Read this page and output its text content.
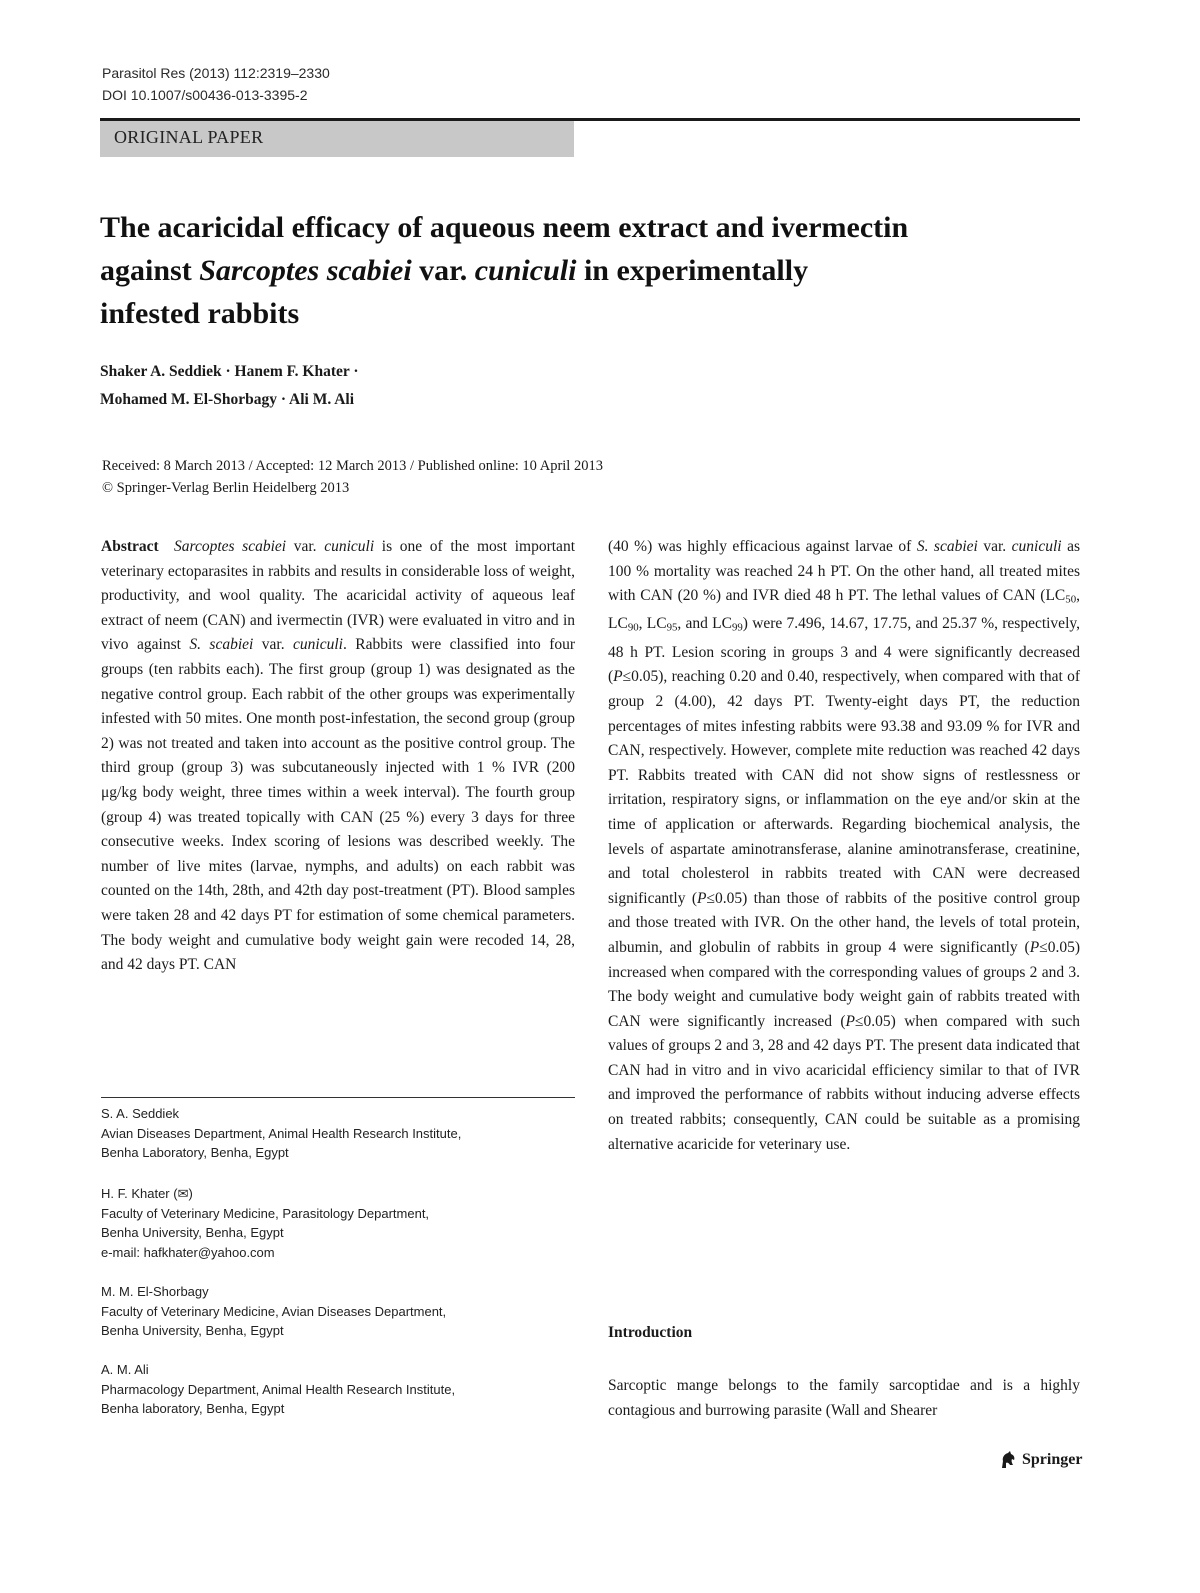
Parasitol Res (2013) 112:2319–2330
DOI 10.1007/s00436-013-3395-2
ORIGINAL PAPER
The acaricidal efficacy of aqueous neem extract and ivermectin
against Sarcoptes scabiei var. cuniculi in experimentally
infested rabbits
Shaker A. Seddiek · Hanem F. Khater ·
Mohamed M. El-Shorbagy · Ali M. Ali
Received: 8 March 2013 / Accepted: 12 March 2013 / Published online: 10 April 2013
© Springer-Verlag Berlin Heidelberg 2013
Abstract Sarcoptes scabiei var. cuniculi is one of the most important veterinary ectoparasites in rabbits and results in considerable loss of weight, productivity, and wool quality. The acaricidal activity of aqueous leaf extract of neem (CAN) and ivermectin (IVR) were evaluated in vitro and in vivo against S. scabiei var. cuniculi. Rabbits were classified into four groups (ten rabbits each). The first group (group 1) was designated as the negative control group. Each rabbit of the other groups was experimentally infested with 50 mites. One month post-infestation, the second group (group 2) was not treated and taken into account as the positive control group. The third group (group 3) was subcutaneously injected with 1 % IVR (200 μg/kg body weight, three times within a week interval). The fourth group (group 4) was treated topically with CAN (25 %) every 3 days for three consecutive weeks. Index scoring of lesions was described weekly. The number of live mites (larvae, nymphs, and adults) on each rabbit was counted on the 14th, 28th, and 42th day post-treatment (PT). Blood samples were taken 28 and 42 days PT for estimation of some chemical parameters. The body weight and cumulative body weight gain were recoded 14, 28, and 42 days PT. CAN
S. A. Seddiek
Avian Diseases Department, Animal Health Research Institute,
Benha Laboratory, Benha, Egypt
H. F. Khater (✉)
Faculty of Veterinary Medicine, Parasitology Department,
Benha University, Benha, Egypt
e-mail: hafkhater@yahoo.com
M. M. El-Shorbagy
Faculty of Veterinary Medicine, Avian Diseases Department,
Benha University, Benha, Egypt
A. M. Ali
Pharmacology Department, Animal Health Research Institute,
Benha laboratory, Benha, Egypt
(40 %) was highly efficacious against larvae of S. scabiei var. cuniculi as 100 % mortality was reached 24 h PT. On the other hand, all treated mites with CAN (20 %) and IVR died 48 h PT. The lethal values of CAN ($LC_{50}$, $LC_{90}$, $LC_{95}$, and $LC_{99}$) were 7.496, 14.67, 17.75, and 25.37 %, respectively, 48 h PT. Lesion scoring in groups 3 and 4 were significantly decreased (P≤0.05), reaching 0.20 and 0.40, respectively, when compared with that of group 2 (4.00), 42 days PT. Twenty-eight days PT, the reduction percentages of mites infesting rabbits were 93.38 and 93.09 % for IVR and CAN, respectively. However, complete mite reduction was reached 42 days PT. Rabbits treated with CAN did not show signs of restlessness or irritation, respiratory signs, or inflammation on the eye and/or skin at the time of application or afterwards. Regarding biochemical analysis, the levels of aspartate aminotransferase, alanine aminotransferase, creatinine, and total cholesterol in rabbits treated with CAN were decreased significantly (P≤0.05) than those of rabbits of the positive control group and those treated with IVR. On the other hand, the levels of total protein, albumin, and globulin of rabbits in group 4 were significantly (P≤0.05) increased when compared with the corresponding values of groups 2 and 3. The body weight and cumulative body weight gain of rabbits treated with CAN were significantly increased (P≤0.05) when compared with such values of groups 2 and 3, 28 and 42 days PT. The present data indicated that CAN had in vitro and in vivo acaricidal efficiency similar to that of IVR and improved the performance of rabbits without inducing adverse effects on treated rabbits; consequently, CAN could be suitable as a promising alternative acaricide for veterinary use.
Introduction
Sarcoptic mange belongs to the family sarcoptidae and is a highly contagious and burrowing parasite (Wall and Shearer
Springer
